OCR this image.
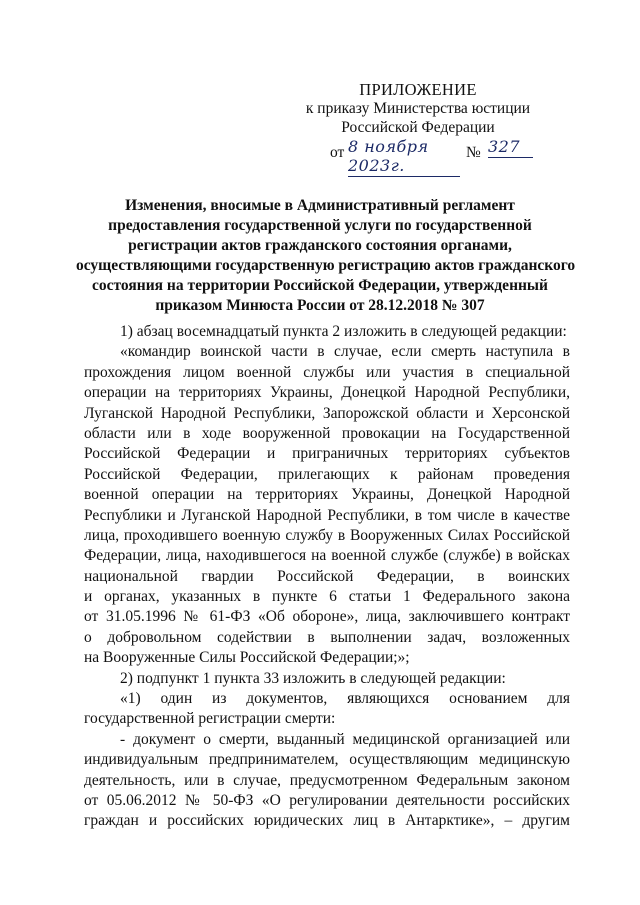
ПРИЛОЖЕНИЕ
к приказу Министерства юстиции
Российской Федерации
от 8 ноября 2023г.
№ 327
Изменения, вносимые в Административный регламент
предоставления государственной услуги по государственной
регистрации актов гражданского состояния органами,
осуществляющими государственную регистрацию актов гражданского
состояния на территории Российской Федерации, утвержденный
приказом Минюста России от 28.12.2018 № 307
1) абзац восемнадцатый пункта 2 изложить в следующей редакции:
«командир воинской части в случае, если смерть наступила в
прохождения лицом военной службы или участия в специальной
операции на территориях Украины, Донецкой Народной Республики,
Луганской Народной Республики, Запорожской области и Херсонской
области или в ходе вооруженной провокации на Государственной
Российской Федерации и приграничных территориях субъектов
Российской Федерации, прилегающих к районам проведения
военной операции на территориях Украины, Донецкой Народной
Республики и Луганской Народной Республики, в том числе в качестве
лица, проходившего военную службу в Вооруженных Силах Российской
Федерации, лица, находившегося на военной службе (службе) в войсках
национальной гвардии Российской Федерации, в воинских
и органах, указанных в пункте 6 статьи 1 Федерального закона
от 31.05.1996 № 61-ФЗ «Об обороне», лица, заключившего контракт
о добровольном содействии в выполнении задач, возложенных
на Вооруженные Силы Российской Федерации;»;
2) подпункт 1 пункта 33 изложить в следующей редакции:
«1) один из документов, являющихся основанием для
государственной регистрации смерти:
- документ о смерти, выданный медицинской организацией или
индивидуальным предпринимателем, осуществляющим медицинскую
деятельность, или в случае, предусмотренном Федеральным законом
от 05.06.2012 № 50-ФЗ «О регулировании деятельности российских
граждан и российских юридических лиц в Антарктике», – другим
